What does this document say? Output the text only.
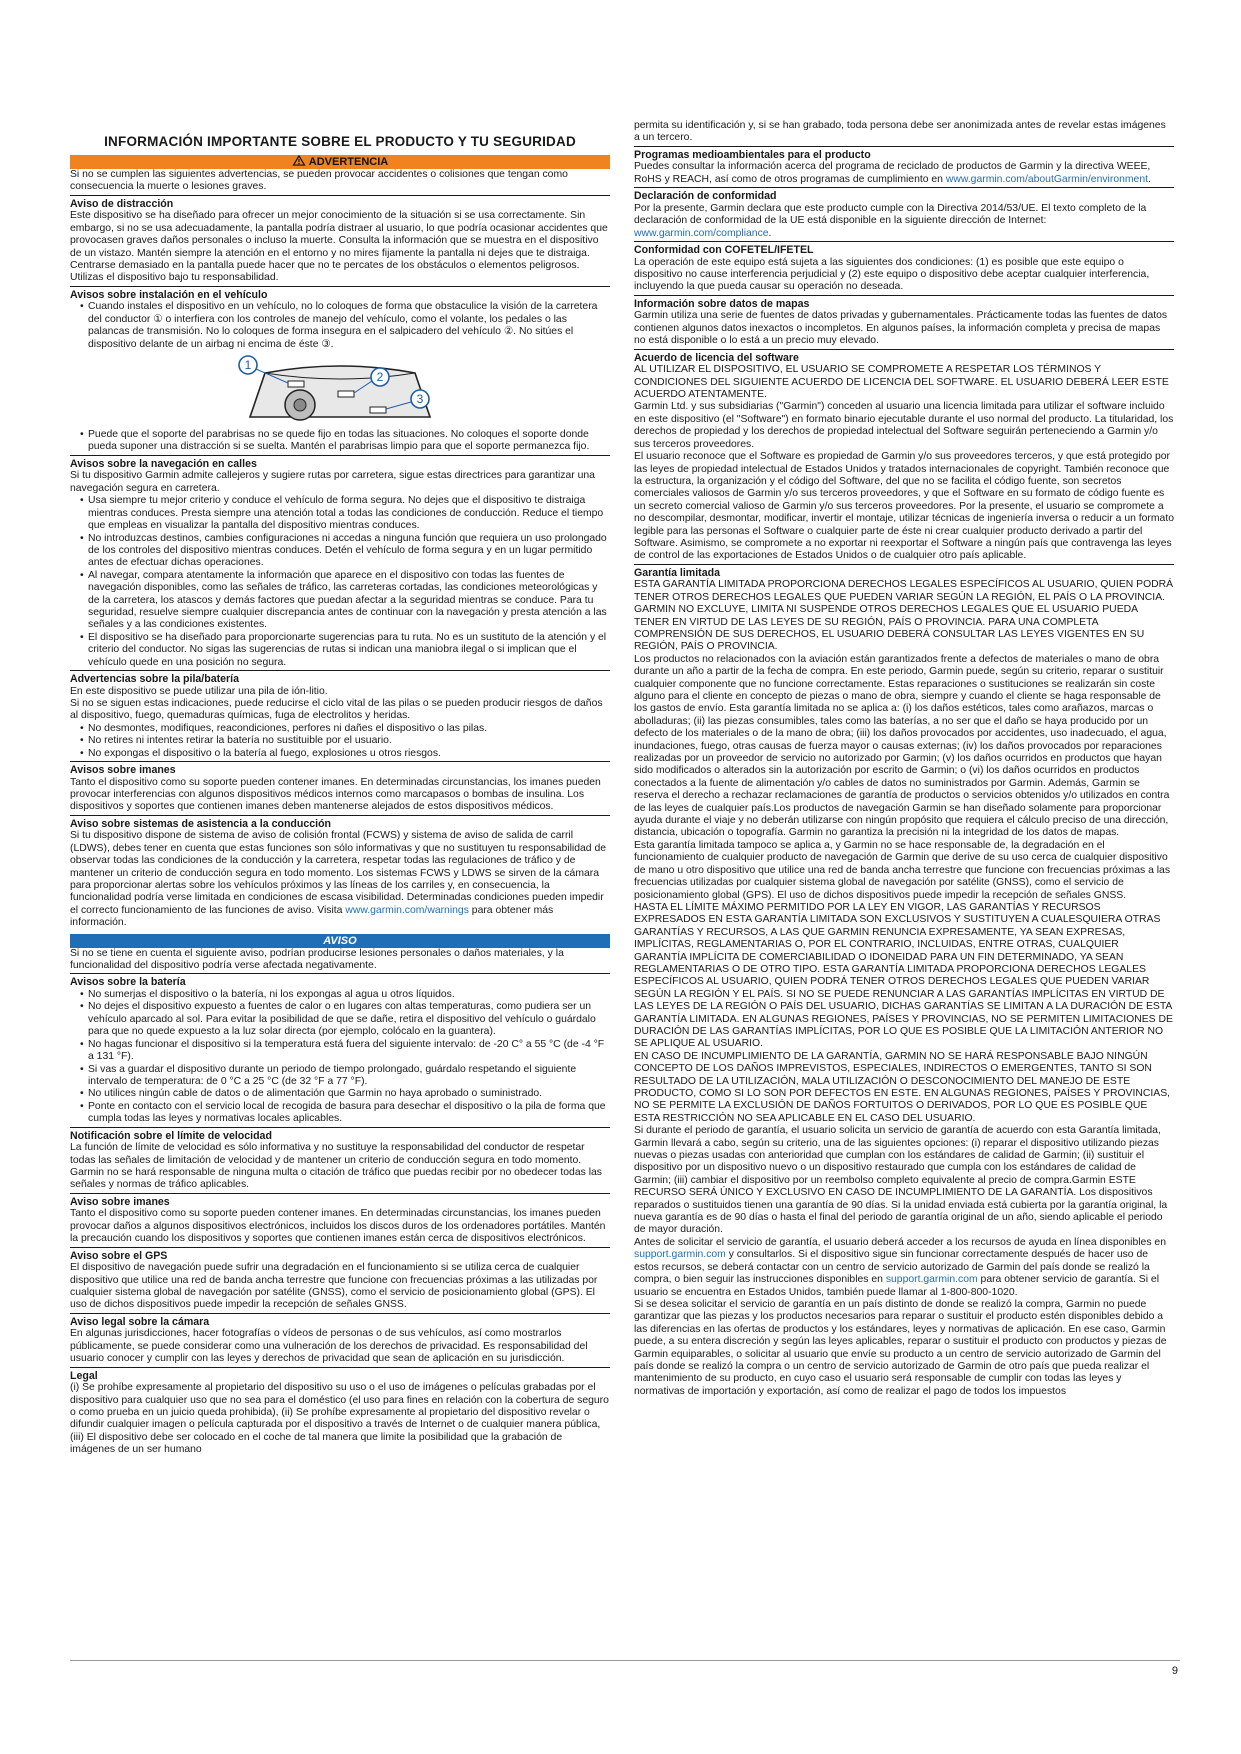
INFORMACIÓN IMPORTANTE SOBRE EL PRODUCTO Y TU SEGURIDAD
ADVERTENCIA

Si no se cumplen las siguientes advertencias, se pueden provocar accidentes o colisiones que tengan como consecuencia la muerte o lesiones graves.

Aviso de distracción

Este dispositivo se ha diseñado para ofrecer un mejor conocimiento de la situación si se usa correctamente. Sin embargo, si no se usa adecuadamente, la pantalla podría distraer al usuario, lo que podría ocasionar accidentes que provocasen graves daños personales o incluso la muerte. Consulta la información que se muestra en el dispositivo de un vistazo. Mantén siempre la atención en el entorno y no mires fijamente la pantalla ni dejes que te distraiga. Centrarse demasiado en la pantalla puede hacer que no te percates de los obstáculos o elementos peligrosos. Utilizas el dispositivo bajo tu responsabilidad.

Avisos sobre instalación en el vehículo
• Cuando instales el dispositivo en un vehículo, no lo coloques de forma que obstaculice la visión de la carretera del conductor ① o interfiera con los controles de manejo del vehículo, como el volante, los pedales o las palancas de transmisión. No lo coloques de forma insegura en el salpicadero del vehículo ②. No sitúes el dispositivo delante de un airbag ni encima de éste ③.
1
2
3
• Puede que el soporte del parabrisas no se quede fijo en todas las situaciones. No coloques el soporte donde pueda suponer una distracción si se suelta. Mantén el parabrisas limpio para que el soporte permanezca fijo.
Avisos sobre la navegación en calles

Si tu dispositivo Garmin admite callejeros y sugiere rutas por carretera, sigue estas directrices para garantizar una navegación segura en carretera.

• Usa siempre tu mejor criterio y conduce el vehículo de forma segura. No dejes que el dispositivo te distraiga mientras conduces. Presta siempre una atención total a todas las condiciones de conducción. Reduce el tiempo que empleas en visualizar la pantalla del dispositivo mientras conduces.
• No introduzcas destinos, cambies configuraciones ni accedas a ninguna función que requiera un uso prolongado de los controles del dispositivo mientras conduces. Detén el vehículo de forma segura y en un lugar permitido antes de efectuar dichas operaciones.
• Al navegar, compara atentamente la información que aparece en el dispositivo con todas las fuentes de navegación disponibles, como las señales de tráfico, las carreteras cortadas, las condiciones meteorológicas y de la carretera, los atascos y demás factores que puedan afectar a la seguridad mientras se conduce. Para tu seguridad, resuelve siempre cualquier discrepancia antes de continuar con la navegación y presta atención a las señales y a las condiciones existentes.
• El dispositivo se ha diseñado para proporcionarte sugerencias para tu ruta. No es un sustituto de la atención y el criterio del conductor. No sigas las sugerencias de rutas si indican una maniobra ilegal o si implican que el vehículo quede en una posición no segura.
Advertencias sobre la pila/batería

En este dispositivo se puede utilizar una pila de ión-litio.

Si no se siguen estas indicaciones, puede reducirse el ciclo vital de las pilas o se pueden producir riesgos de daños al dispositivo, fuego, quemaduras químicas, fuga de electrolitos y heridas.

• No desmontes, modifiques, reacondiciones, perfores ni dañes el dispositivo o las pilas.
• No retires ni intentes retirar la batería no sustituible por el usuario.
• No expongas el dispositivo o la batería al fuego, explosiones u otros riesgos.
Avisos sobre imanes

Tanto el dispositivo como su soporte pueden contener imanes. En determinadas circunstancias, los imanes pueden provocar interferencias con algunos dispositivos médicos internos como marcapasos o bombas de insulina. Los dispositivos y soportes que contienen imanes deben mantenerse alejados de estos dispositivos médicos.

Aviso sobre sistemas de asistencia a la conducción

Si tu dispositivo dispone de sistema de aviso de colisión frontal (FCWS) y sistema de aviso de salida de carril (LDWS), debes tener en cuenta que estas funciones son sólo informativas y que no sustituyen tu responsabilidad de observar todas las condiciones de la conducción y la carretera, respetar todas las regulaciones de tráfico y de mantener un criterio de conducción segura en todo momento. Los sistemas FCWS y LDWS se sirven de la cámara para proporcionar alertas sobre los vehículos próximos y las líneas de los carriles y, en consecuencia, la funcionalidad podría verse limitada en condiciones de escasa visibilidad. Determinadas condiciones pueden impedir el correcto funcionamiento de las funciones de aviso. Visita www.garmin.com/warnings para obtener más información.

AVISO

Si no se tiene en cuenta el siguiente aviso, podrían producirse lesiones personales o daños materiales, y la funcionalidad del dispositivo podría verse afectada negativamente.

Avisos sobre la batería
• No sumerjas el dispositivo o la batería, ni los expongas al agua u otros líquidos.
• No dejes el dispositivo expuesto a fuentes de calor o en lugares con altas temperaturas, como pudiera ser un vehículo aparcado al sol. Para evitar la posibilidad de que se dañe, retira el dispositivo del vehículo o guárdalo para que no quede expuesto a la luz solar directa (por ejemplo, colócalo en la guantera).
• No hagas funcionar el dispositivo si la temperatura está fuera del siguiente intervalo: de -20 C° a 55 °C (de -4 °F a 131 °F).
• Si vas a guardar el dispositivo durante un periodo de tiempo prolongado, guárdalo respetando el siguiente intervalo de temperatura: de 0 °C a 25 °C (de 32 °F a 77 °F).
• No utilices ningún cable de datos o de alimentación que Garmin no haya aprobado o suministrado.
• Ponte en contacto con el servicio local de recogida de basura para desechar el dispositivo o la pila de forma que cumpla todas las leyes y normativas locales aplicables.
Notificación sobre el límite de velocidad

La función de límite de velocidad es sólo informativa y no sustituye la responsabilidad del conductor de respetar todas las señales de limitación de velocidad y de mantener un criterio de conducción segura en todo momento. Garmin no se hará responsable de ninguna multa o citación de tráfico que puedas recibir por no obedecer todas las señales y normas de tráfico aplicables.

Aviso sobre imanes

Tanto el dispositivo como su soporte pueden contener imanes. En determinadas circunstancias, los imanes pueden provocar daños a algunos dispositivos electrónicos, incluidos los discos duros de los ordenadores portátiles. Mantén la precaución cuando los dispositivos y soportes que contienen imanes están cerca de dispositivos electrónicos.

Aviso sobre el GPS

El dispositivo de navegación puede sufrir una degradación en el funcionamiento si se utiliza cerca de cualquier dispositivo que utilice una red de banda ancha terrestre que funcione con frecuencias próximas a las utilizadas por cualquier sistema global de navegación por satélite (GNSS), como el servicio de posicionamiento global (GPS). El uso de dichos dispositivos puede impedir la recepción de señales GNSS.

Aviso legal sobre la cámara

En algunas jurisdicciones, hacer fotografías o vídeos de personas o de sus vehículos, así como mostrarlos públicamente, se puede considerar como una vulneración de los derechos de privacidad. Es responsabilidad del usuario conocer y cumplir con las leyes y derechos de privacidad que sean de aplicación en su jurisdicción.

Legal

(i) Se prohíbe expresamente al propietario del dispositivo su uso o el uso de imágenes o películas grabadas por el dispositivo para cualquier uso que no sea para el doméstico (el uso para fines en relación con la cobertura de seguro o como prueba en un juicio queda prohibida), (ii) Se prohíbe expresamente al propietario del dispositivo revelar o difundir cualquier imagen o película capturada por el dispositivo a través de Internet o de cualquier manera pública, (iii) El dispositivo debe ser colocado en el coche de tal manera que limite la posibilidad que la grabación de imágenes de un ser humano

permita su identificación y, si se han grabado, toda persona debe ser anonimizada antes de revelar estas imágenes a un tercero.

Programas medioambientales para el producto

Puedes consultar la información acerca del programa de reciclado de productos de Garmin y la directiva WEEE, RoHS y REACH, así como de otros programas de cumplimiento en www.garmin.com/aboutGarmin/environment.

Declaración de conformidad

Por la presente, Garmin declara que este producto cumple con la Directiva 2014/53/UE. El texto completo de la declaración de conformidad de la UE está disponible en la siguiente dirección de Internet: www.garmin.com/compliance.

Conformidad con COFETEL/IFETEL

La operación de este equipo está sujeta a las siguientes dos condiciones: (1) es posible que este equipo o dispositivo no cause interferencia perjudicial y (2) este equipo o dispositivo debe aceptar cualquier interferencia, incluyendo la que pueda causar su operación no deseada.

Información sobre datos de mapas

Garmin utiliza una serie de fuentes de datos privadas y gubernamentales. Prácticamente todas las fuentes de datos contienen algunos datos inexactos o incompletos. En algunos países, la información completa y precisa de mapas no está disponible o lo está a un precio muy elevado.

Acuerdo de licencia del software

AL UTILIZAR EL DISPOSITIVO, EL USUARIO SE COMPROMETE A RESPETAR LOS TÉRMINOS Y CONDICIONES DEL SIGUIENTE ACUERDO DE LICENCIA DEL SOFTWARE. EL USUARIO DEBERÁ LEER ESTE ACUERDO ATENTAMENTE.

Garmin Ltd. y sus subsidiarias ("Garmin") conceden al usuario una licencia limitada para utilizar el software incluido en este dispositivo (el "Software") en formato binario ejecutable durante el uso normal del producto. La titularidad, los derechos de propiedad y los derechos de propiedad intelectual del Software seguirán perteneciendo a Garmin y/o sus terceros proveedores.

El usuario reconoce que el Software es propiedad de Garmin y/o sus proveedores terceros, y que está protegido por las leyes de propiedad intelectual de Estados Unidos y tratados internacionales de copyright. También reconoce que la estructura, la organización y el código del Software, del que no se facilita el código fuente, son secretos comerciales valiosos de Garmin y/o sus terceros proveedores, y que el Software en su formato de código fuente es un secreto comercial valioso de Garmin y/o sus terceros proveedores. Por la presente, el usuario se compromete a no descompilar, desmontar, modificar, invertir el montaje, utilizar técnicas de ingeniería inversa o reducir a un formato legible para las personas el Software o cualquier parte de éste ni crear cualquier producto derivado a partir del Software. Asimismo, se compromete a no exportar ni reexportar el Software a ningún país que contravenga las leyes de control de las exportaciones de Estados Unidos o de cualquier otro país aplicable.

Garantía limitada

ESTA GARANTÍA LIMITADA PROPORCIONA DERECHOS LEGALES ESPECÍFICOS AL USUARIO, QUIEN PODRÁ TENER OTROS DERECHOS LEGALES QUE PUEDEN VARIAR SEGÚN LA REGIÓN, EL PAÍS O LA PROVINCIA. GARMIN NO EXCLUYE, LIMITA NI SUSPENDE OTROS DERECHOS LEGALES QUE EL USUARIO PUEDA TENER EN VIRTUD DE LAS LEYES DE SU REGIÓN, PAÍS O PROVINCIA. PARA UNA COMPLETA COMPRENSIÓN DE SUS DERECHOS, EL USUARIO DEBERÁ CONSULTAR LAS LEYES VIGENTES EN SU REGIÓN, PAÍS O PROVINCIA.

Los productos no relacionados con la aviación están garantizados frente a defectos de materiales o mano de obra durante un año a partir de la fecha de compra. En este periodo, Garmin puede, según su criterio, reparar o sustituir cualquier componente que no funcione correctamente. Estas reparaciones o sustituciones se realizarán sin coste alguno para el cliente en concepto de piezas o mano de obra, siempre y cuando el cliente se haga responsable de los gastos de envío. Esta garantía limitada no se aplica a: (i) los daños estéticos, tales como arañazos, marcas o abolladuras; (ii) las piezas consumibles, tales como las baterías, a no ser que el daño se haya producido por un defecto de los materiales o de la mano de obra; (iii) los daños provocados por accidentes, uso inadecuado, el agua, inundaciones, fuego, otras causas de fuerza mayor o causas externas; (iv) los daños provocados por reparaciones realizadas por un proveedor de servicio no autorizado por Garmin; (v) los daños ocurridos en productos que hayan sido modificados o alterados sin la autorización por escrito de Garmin; o (vi) los daños ocurridos en productos conectados a la fuente de alimentación y/o cables de datos no suministrados por Garmin. Además, Garmin se reserva el derecho a rechazar reclamaciones de garantía de productos o servicios obtenidos y/o utilizados en contra de las leyes de cualquier país.Los productos de navegación Garmin se han diseñado solamente para proporcionar ayuda durante el viaje y no deberán utilizarse con ningún propósito que requiera el cálculo preciso de una dirección, distancia, ubicación o topografía. Garmin no garantiza la precisión ni la integridad de los datos de mapas.

Esta garantía limitada tampoco se aplica a, y Garmin no se hace responsable de, la degradación en el funcionamiento de cualquier producto de navegación de Garmin que derive de su uso cerca de cualquier dispositivo de mano u otro dispositivo que utilice una red de banda ancha terrestre que funcione con frecuencias próximas a las frecuencias utilizadas por cualquier sistema global de navegación por satélite (GNSS), como el servicio de posicionamiento global (GPS). El uso de dichos dispositivos puede impedir la recepción de señales GNSS.

HASTA EL LÍMITE MÁXIMO PERMITIDO POR LA LEY EN VIGOR, LAS GARANTÍAS Y RECURSOS EXPRESADOS EN ESTA GARANTÍA LIMITADA SON EXCLUSIVOS Y SUSTITUYEN A CUALESQUIERA OTRAS GARANTÍAS Y RECURSOS, A LAS QUE GARMIN RENUNCIA EXPRESAMENTE, YA SEAN EXPRESAS, IMPLÍCITAS, REGLAMENTARIAS O, POR EL CONTRARIO, INCLUIDAS, ENTRE OTRAS, CUALQUIER GARANTÍA IMPLÍCITA DE COMERCIABILIDAD O IDONEIDAD PARA UN FIN DETERMINADO, YA SEAN REGLAMENTARIAS O DE OTRO TIPO. ESTA GARANTÍA LIMITADA PROPORCIONA DERECHOS LEGALES ESPECÍFICOS AL USUARIO, QUIEN PODRÁ TENER OTROS DERECHOS LEGALES QUE PUEDEN VARIAR SEGÚN LA REGIÓN Y EL PAÍS. SI NO SE PUEDE RENUNCIAR A LAS GARANTÍAS IMPLÍCITAS EN VIRTUD DE LAS LEYES DE LA REGIÓN O PAÍS DEL USUARIO, DICHAS GARANTÍAS SE LIMITAN A LA DURACIÓN DE ESTA GARANTÍA LIMITADA. EN ALGUNAS REGIONES, PAÍSES Y PROVINCIAS, NO SE PERMITEN LIMITACIONES DE DURACIÓN DE LAS GARANTÍAS IMPLÍCITAS, POR LO QUE ES POSIBLE QUE LA LIMITACIÓN ANTERIOR NO SE APLIQUE AL USUARIO.

EN CASO DE INCUMPLIMIENTO DE LA GARANTÍA, GARMIN NO SE HARÁ RESPONSABLE BAJO NINGÚN CONCEPTO DE LOS DAÑOS IMPREVISTOS, ESPECIALES, INDIRECTOS O EMERGENTES, TANTO SI SON RESULTADO DE LA UTILIZACIÓN, MALA UTILIZACIÓN O DESCONOCIMIENTO DEL MANEJO DE ESTE PRODUCTO, COMO SI LO SON POR DEFECTOS EN ESTE. EN ALGUNAS REGIONES, PAÍSES Y PROVINCIAS, NO SE PERMITE LA EXCLUSIÓN DE DAÑOS FORTUITOS O DERIVADOS, POR LO QUE ES POSIBLE QUE ESTA RESTRICCIÓN NO SEA APLICABLE EN EL CASO DEL USUARIO.

Si durante el periodo de garantía, el usuario solicita un servicio de garantía de acuerdo con esta Garantía limitada, Garmin llevará a cabo, según su criterio, una de las siguientes opciones: (i) reparar el dispositivo utilizando piezas nuevas o piezas usadas con anterioridad que cumplan con los estándares de calidad de Garmin; (ii) sustituir el dispositivo por un dispositivo nuevo o un dispositivo restaurado que cumpla con los estándares de calidad de Garmin; (iii) cambiar el dispositivo por un reembolso completo equivalente al precio de compra.Garmin ESTE RECURSO SERÁ ÚNICO Y EXCLUSIVO EN CASO DE INCUMPLIMIENTO DE LA GARANTÍA. Los dispositivos reparados o sustituidos tienen una garantía de 90 días. Si la unidad enviada está cubierta por la garantía original, la nueva garantía es de 90 días o hasta el final del periodo de garantía original de un año, siendo aplicable el periodo de mayor duración.

Antes de solicitar el servicio de garantía, el usuario deberá acceder a los recursos de ayuda en línea disponibles en support.garmin.com y consultarlos. Si el dispositivo sigue sin funcionar correctamente después de hacer uso de estos recursos, se deberá contactar con un centro de servicio autorizado de Garmin del país donde se realizó la compra, o bien seguir las instrucciones disponibles en support.garmin.com para obtener servicio de garantía. Si el usuario se encuentra en Estados Unidos, también puede llamar al 1-800-800-1020.

Si se desea solicitar el servicio de garantía en un país distinto de donde se realizó la compra, Garmin no puede garantizar que las piezas y los productos necesarios para reparar o sustituir el producto estén disponibles debido a las diferencias en las ofertas de productos y los estándares, leyes y normativas de aplicación. En ese caso, Garmin puede, a su entera discreción y según las leyes aplicables, reparar o sustituir el producto con productos y piezas de Garmin equiparables, o solicitar al usuario que envíe su producto a un centro de servicio autorizado de Garmin del país donde se realizó la compra o un centro de servicio autorizado de Garmin de otro país que pueda realizar el mantenimiento de su producto, en cuyo caso el usuario será responsable de cumplir con todas las leyes y normativas de importación y exportación, así como de realizar el pago de todos los impuestos

9
